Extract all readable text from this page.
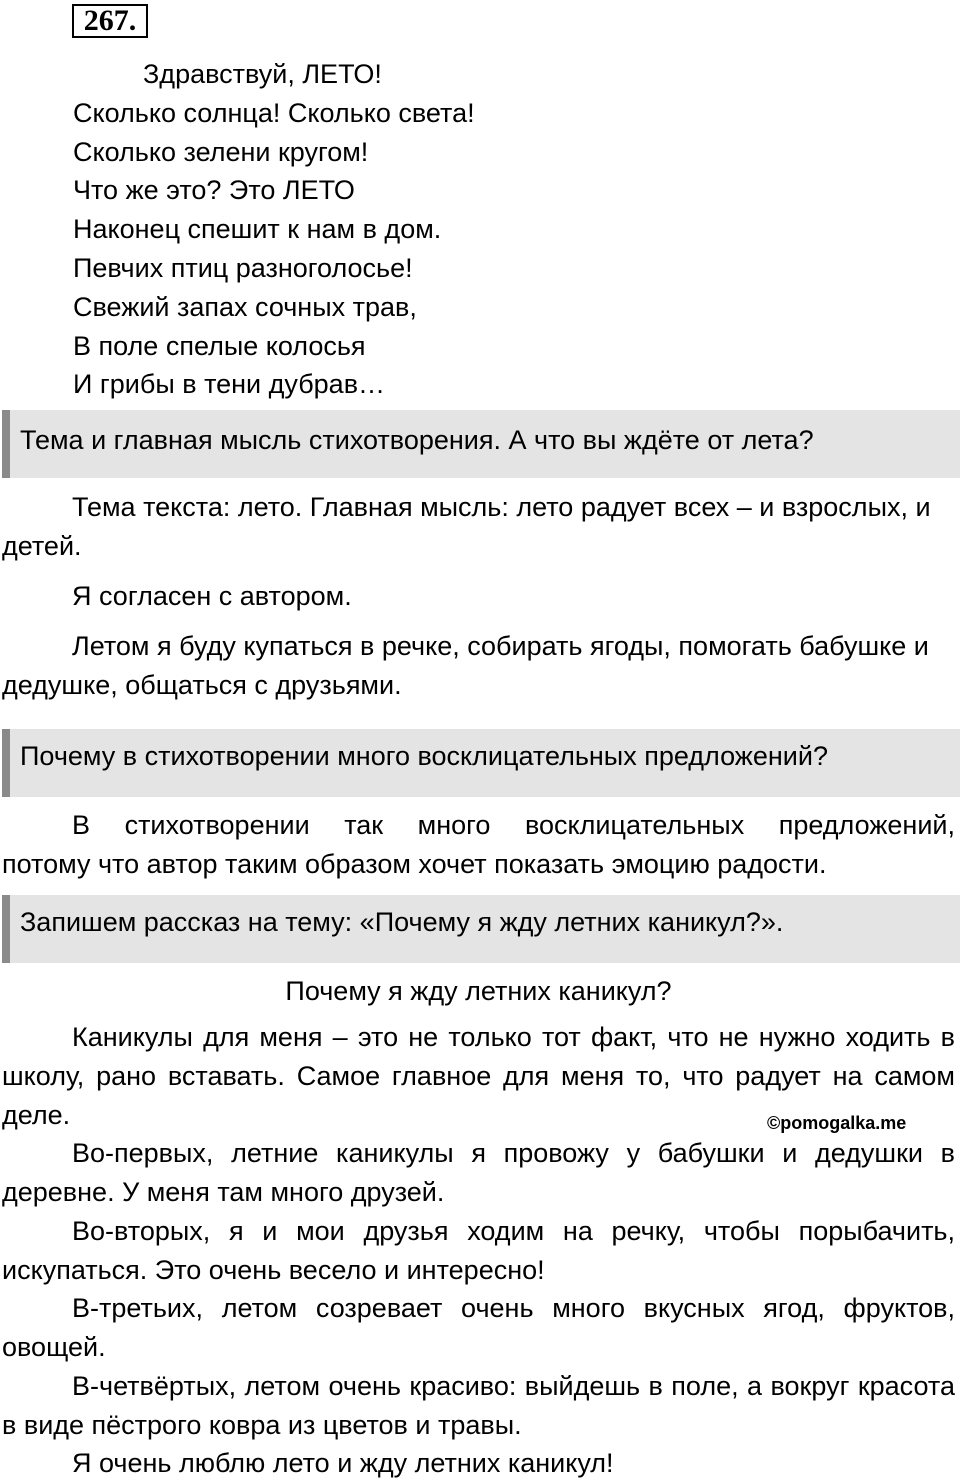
267.
Здравствуй, ЛЕТО!
Сколько солнца! Сколько света!
Сколько зелени кругом!
Что же это? Это ЛЕТО
Наконец спешит к нам в дом.
Певчих птиц разноголосье!
Свежий запах сочных трав,
В поле спелые колосья
И грибы в тени дубрав…
Тема и главная мысль стихотворения. А что вы ждёте от лета?
Тема текста: лето. Главная мысль: лето радует всех – и взрослых, и детей.
Я согласен с автором.
Летом я буду купаться в речке, собирать ягоды, помогать бабушке и дедушке, общаться с друзьями.
Почему в стихотворении много восклицательных предложений?
В стихотворении так много восклицательных предложений,
потому что автор таким образом хочет показать эмоцию радости.
Запишем рассказ на тему: «Почему я жду летних каникул?».
Почему я жду летних каникул?
Каникулы для меня – это не только тот факт, что не нужно ходить в школу, рано вставать. Самое главное для меня то, что радует на самом деле.	©pomogalka.me
Во-первых, летние каникулы я провожу у бабушки и дедушки в деревне. У меня там много друзей.
Во-вторых, я и мои друзья ходим на речку, чтобы порыбачить, искупаться. Это очень весело и интересно!
В-третьих, летом созревает очень много вкусных ягод, фруктов, овощей.
В-четвёртых, летом очень красиво: выйдешь в поле, а вокруг красота в виде пёстрого ковра из цветов и травы.
Я очень люблю лето и жду летних каникул!
